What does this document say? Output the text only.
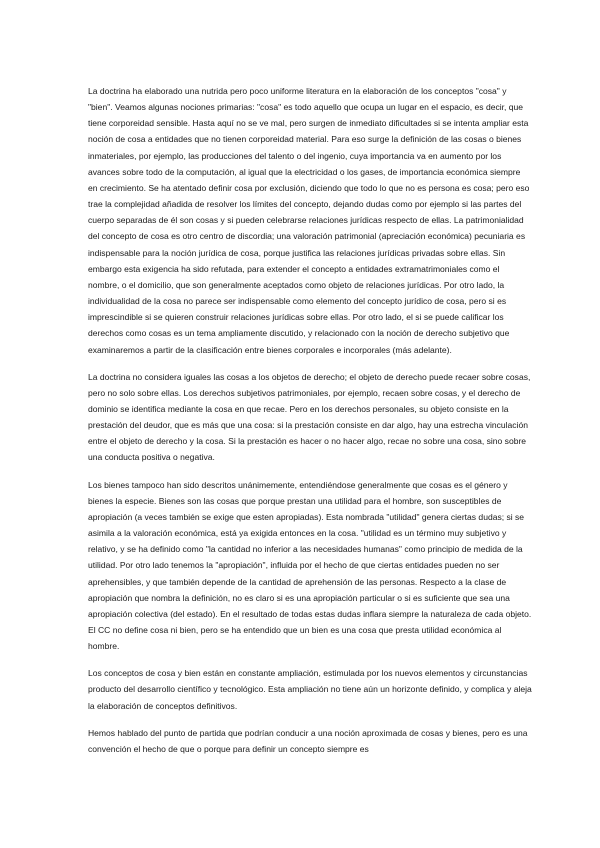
La doctrina ha elaborado una nutrida pero poco uniforme literatura en la elaboración de los conceptos "cosa" y "bien". Veamos algunas nociones primarias: "cosa" es todo aquello que ocupa un lugar en el espacio, es decir, que tiene corporeidad sensible. Hasta aquí no se ve mal, pero surgen de inmediato dificultades si se intenta ampliar esta noción de cosa a entidades que no tienen corporeidad material. Para eso surge la definición de las cosas o bienes inmateriales, por ejemplo, las producciones del talento o del ingenio, cuya importancia va en aumento por los avances sobre todo de la computación, al igual que la electricidad o los gases, de importancia económica siempre en crecimiento. Se ha atentado definir cosa por exclusión, diciendo que todo lo que no es persona es cosa; pero eso trae la complejidad añadida de resolver los límites del concepto, dejando dudas como por ejemplo si las partes del cuerpo separadas de él son cosas y si pueden celebrarse relaciones jurídicas respecto de ellas. La patrimonialidad del concepto de cosa es otro centro de discordia; una valoración patrimonial (apreciación económica) pecuniaria es indispensable para la noción jurídica de cosa, porque justifica las relaciones jurídicas privadas sobre ellas. Sin embargo esta exigencia ha sido refutada, para extender el concepto a entidades extramatrimoniales como el nombre, o el domicilio, que son generalmente aceptados como objeto de relaciones jurídicas. Por otro lado, la individualidad de la cosa no parece ser indispensable como elemento del concepto jurídico de cosa, pero si es imprescindible si se quieren construir relaciones jurídicas sobre ellas. Por otro lado, el si se puede calificar los derechos como cosas es un tema ampliamente discutido, y relacionado con la noción de derecho subjetivo que examinaremos a partir de la clasificación entre bienes corporales e incorporales (más adelante).

La doctrina no considera iguales las cosas a los objetos de derecho; el objeto de derecho puede recaer sobre cosas, pero no solo sobre ellas. Los derechos subjetivos patrimoniales, por ejemplo, recaen sobre cosas, y el derecho de dominio se identifica mediante la cosa en que recae. Pero en los derechos personales, su objeto consiste en la prestación del deudor, que es más que una cosa: si la prestación consiste en dar algo, hay una estrecha vinculación entre el objeto de derecho y la cosa. Si la prestación es hacer o no hacer algo, recae no sobre una cosa, sino sobre una conducta positiva o negativa.

Los bienes tampoco han sido descritos unánimemente, entendiéndose generalmente que cosas es el género y bienes la especie. Bienes son las cosas que porque prestan una utilidad para el hombre, son susceptibles de apropiación (a veces también se exige que esten apropiadas). Esta nombrada "utilidad" genera ciertas dudas; si se asimila a la valoración económica, está ya exigida entonces en la cosa. "utilidad es un término muy subjetivo y relativo, y se ha definido como "la cantidad no inferior a las necesidades humanas" como principio de medida de la utilidad. Por otro lado tenemos la "apropiación", influida por el hecho de que ciertas entidades pueden no ser aprehensibles, y que también depende de la cantidad de aprehensión de las personas. Respecto a la clase de apropiación que nombra la definición, no es claro si es una apropiación particular o si es suficiente que sea una apropiación colectiva (del estado). En el resultado de todas estas dudas inflara siempre la naturaleza de cada objeto. El CC no define cosa ni bien, pero se ha entendido que un bien es una cosa que presta utilidad económica al hombre.

Los conceptos de cosa y bien están en constante ampliación, estimulada por los nuevos elementos y circunstancias producto del desarrollo científico y tecnológico. Esta ampliación no tiene aún un horizonte definido, y complica y aleja la elaboración de conceptos definitivos.

Hemos hablado del punto de partida que podrían conducir a una noción aproximada de cosas y bienes, pero es una convención el hecho de que o porque para definir un concepto siempre es
